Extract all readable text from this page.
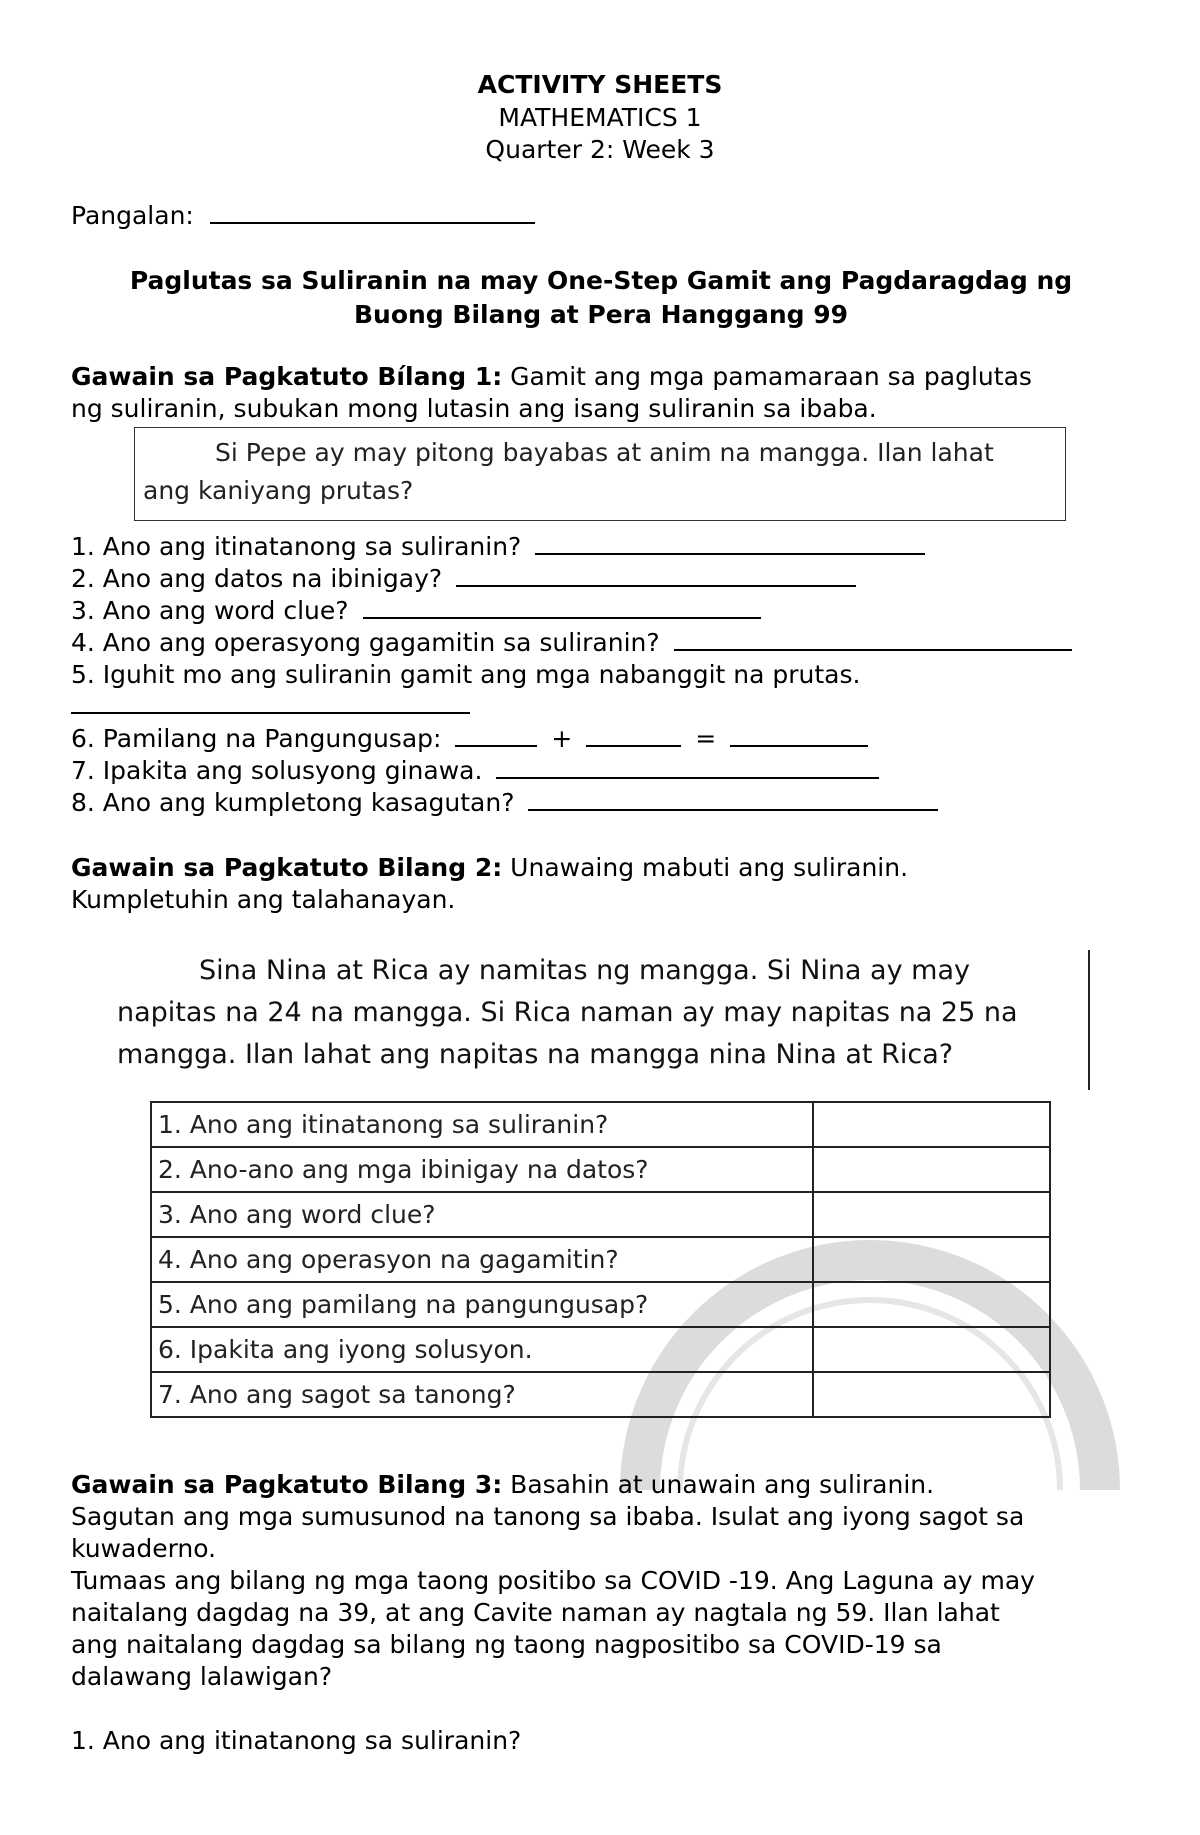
ACTIVITY SHEETS
MATHEMATICS 1
Quarter 2: Week 3
Pangalan:
Paglutas sa Suliranin na may One-Step Gamit ang Pagdaragdag ng
Buong Bilang at Pera Hanggang 99
Gawain sa Pagkatuto Bílang 1: Gamit ang mga pamamaraan sa paglutas
ng suliranin, subukan mong lutasin ang isang suliranin sa ibaba.
Si Pepe ay may pitong bayabas at anim na mangga. Ilan lahat
ang kaniyang prutas?
1. Ano ang itinatanong sa suliranin?
2. Ano ang datos na ibinigay?
3. Ano ang word clue?
4. Ano ang operasyong gagamitin sa suliranin?
5. Iguhit mo ang suliranin gamit ang mga nabanggit na prutas.
6. Pamilang na Pangungusap:	+	=
7. Ipakita ang solusyong ginawa.
8. Ano ang kumpletong kasagutan?
Gawain sa Pagkatuto Bilang 2: Unawaing mabuti ang suliranin.
Kumpletuhin ang talahanayan.
Sina Nina at Rica ay namitas ng mangga. Si Nina ay may
napitas na 24 na mangga. Si Rica naman ay may napitas na 25 na
mangga. Ilan lahat ang napitas na mangga nina Nina at Rica?
1. Ano ang itinatanong sa suliranin?	
2. Ano-ano ang mga ibinigay na datos?	
3. Ano ang word clue?	
4. Ano ang operasyon na gagamitin?	
5. Ano ang pamilang na pangungusap?	
6. Ipakita ang iyong solusyon.	
7. Ano ang sagot sa tanong?	
Gawain sa Pagkatuto Bilang 3: Basahin at unawain ang suliranin.
Sagutan ang mga sumusunod na tanong sa ibaba. Isulat ang iyong sagot sa
kuwaderno.
Tumaas ang bilang ng mga taong positibo sa COVID -19. Ang Laguna ay may
naitalang dagdag na 39, at ang Cavite naman ay nagtala ng 59. Ilan lahat
ang naitalang dagdag sa bilang ng taong nagpositibo sa COVID-19 sa
dalawang lalawigan?
1. Ano ang itinatanong sa suliranin?
